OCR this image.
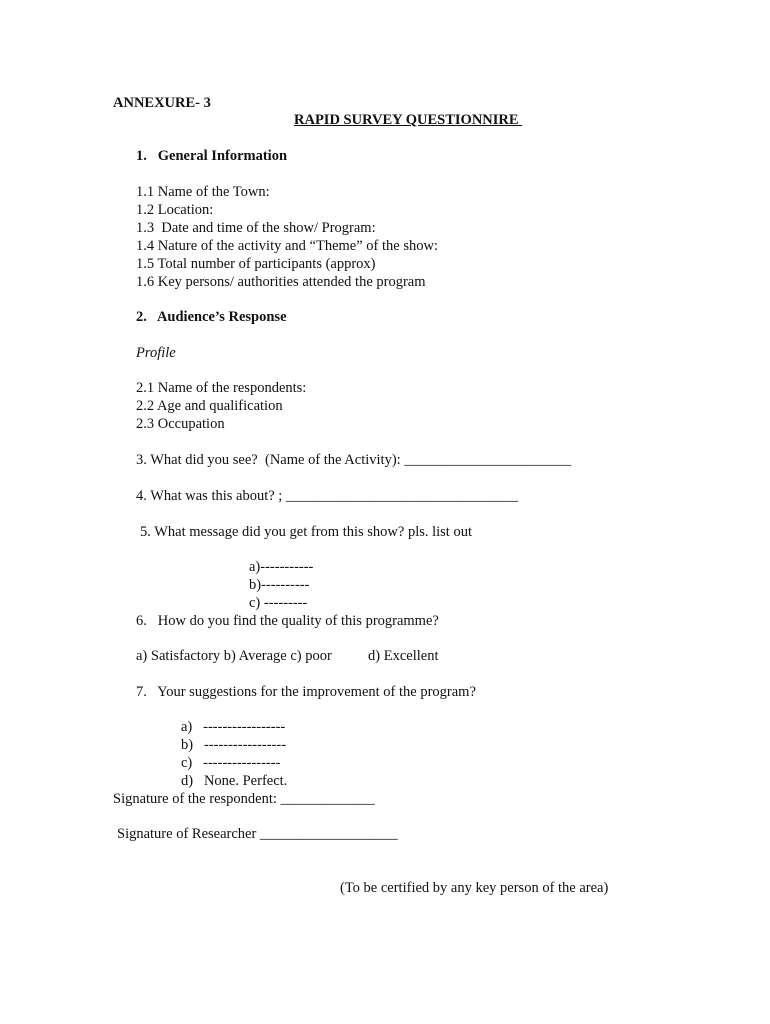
ANNEXURE- 3
RAPID SURVEY QUESTIONNIRE
1.   General Information
1.1 Name of the Town:
1.2 Location:
1.3  Date and time of the show/ Program:
1.4 Nature of the activity and “Theme” of the show:
1.5 Total number of participants (approx)
1.6 Key persons/ authorities attended the program
2.   Audience’s Response
Profile
2.1 Name of the respondents:
2.2 Age and qualification
2.3 Occupation
3. What did you see?  (Name of the Activity): _______________________
4. What was this about? ; ________________________________
5. What message did you get from this show? pls. list out
a)-----------
b)----------
c) ---------
6.   How do you find the quality of this programme?
a) Satisfactory b) Average c) poor          d) Excellent
7.   Your suggestions for the improvement of the program?
a)   -----------------
b)   -----------------
c)   ----------------
d)   None. Perfect.
Signature of the respondent: _____________
Signature of Researcher ___________________
(To be certified by any key person of the area)
